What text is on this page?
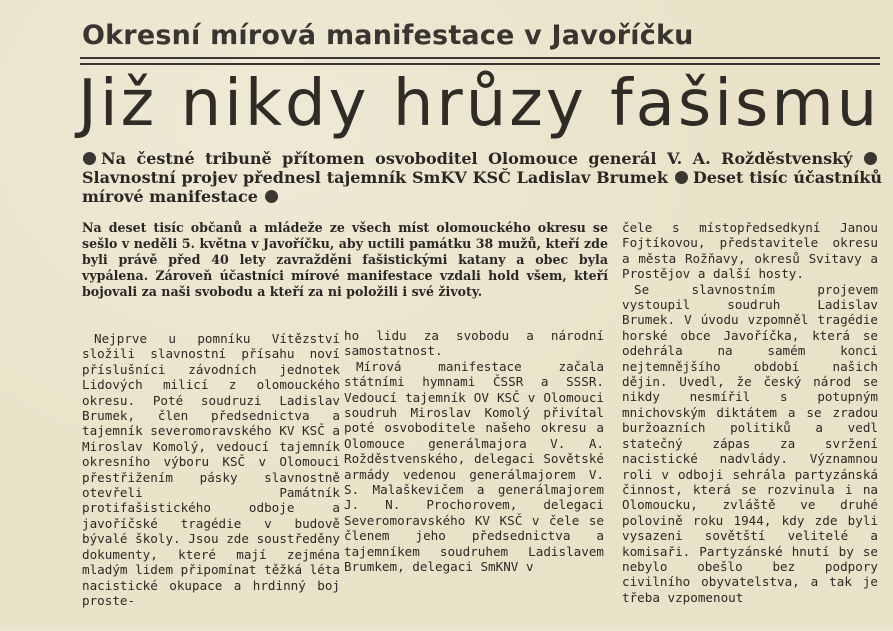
Okresní mírová manifestace v Javoříčku
Již nikdy hrůzy fašismu
Na čestné tribuně přítomen osvoboditel Olomouce generál V. A. Rožděstvenský Slavnostní projev přednesl tajemník SmKV KSČ Ladislav Brumek Deset tisíc účastníků mírové manifestace
Na deset tisíc občanů a mládeže ze všech míst olomouckého okresu se sešlo v neděli 5. května v Javoříčku, aby uctili památku 38 mužů, kteří zde byli právě před 40 lety zavražděni fašistickými katany a obec byla vypálena. Zároveň účastníci mírové manifestace vzdali hold všem, kteří bojovali za naši svobodu a kteří za ni položili i své životy.

Nejprve u pomníku Vítězství složili slavnostní přísahu noví příslušníci závodních jednotek Lidových milicí z olomouckého okresu. Poté soudruzi Ladislav Brumek, člen předsednictva a tajemník severomoravského KV KSČ a Miroslav Komolý, vedoucí tajemník okresního výboru KSČ v Olomouci přestřižením pásky slavnostně otevřeli Památník protifašistického odboje a javoříčské tragédie v budově bývalé školy. Jsou zde soustředěny dokumenty, které mají zejména mladým lidem připomínat těžká léta nacistické okupace a hrdinný boj proste-

ho lidu za svobodu a národní samostatnost.

Mírová manifestace začala státními hymnami ČSSR a SSSR. Vedoucí tajemník OV KSČ v Olomouci soudruh Miroslav Komolý přivítal poté osvoboditele našeho okresu a Olomouce generálmajora V. A. Rožděstvenského, delegaci Sovětské armády vedenou generálmajorem V. S. Malaškevičem a generálmajorem J. N. Prochorovem, delegaci Severomoravského KV KSČ v čele se členem jeho předsednictva a tajemníkem soudruhem Ladislavem Brumkem, delegaci SmKNV v

čele s místopředsedkyní Janou Fojtíkovou, představitele okresu a města Rožňavy, okresů Svitavy a Prostějov a další hosty.

Se slavnostním projevem vystoupil soudruh Ladislav Brumek. V úvodu vzpomněl tragédie horské obce Javoříčka, která se odehrála na samém konci nejtemnějšího období našich dějin. Uvedl, že český národ se nikdy nesmířil s potupným mnichovským diktátem a se zradou buržoazních politiků a vedl statečný zápas za svržení nacistické nadvlády. Významnou roli v odboji sehrála partyzánská činnost, která se rozvinula i na Olomoucku, zvláště ve druhé polovině roku 1944, kdy zde byli vysazeni sovětští velitelé a komisaři. Partyzánské hnutí by se nebylo obešlo bez podpory civilního obyvatelstva, a tak je třeba vzpomenout
